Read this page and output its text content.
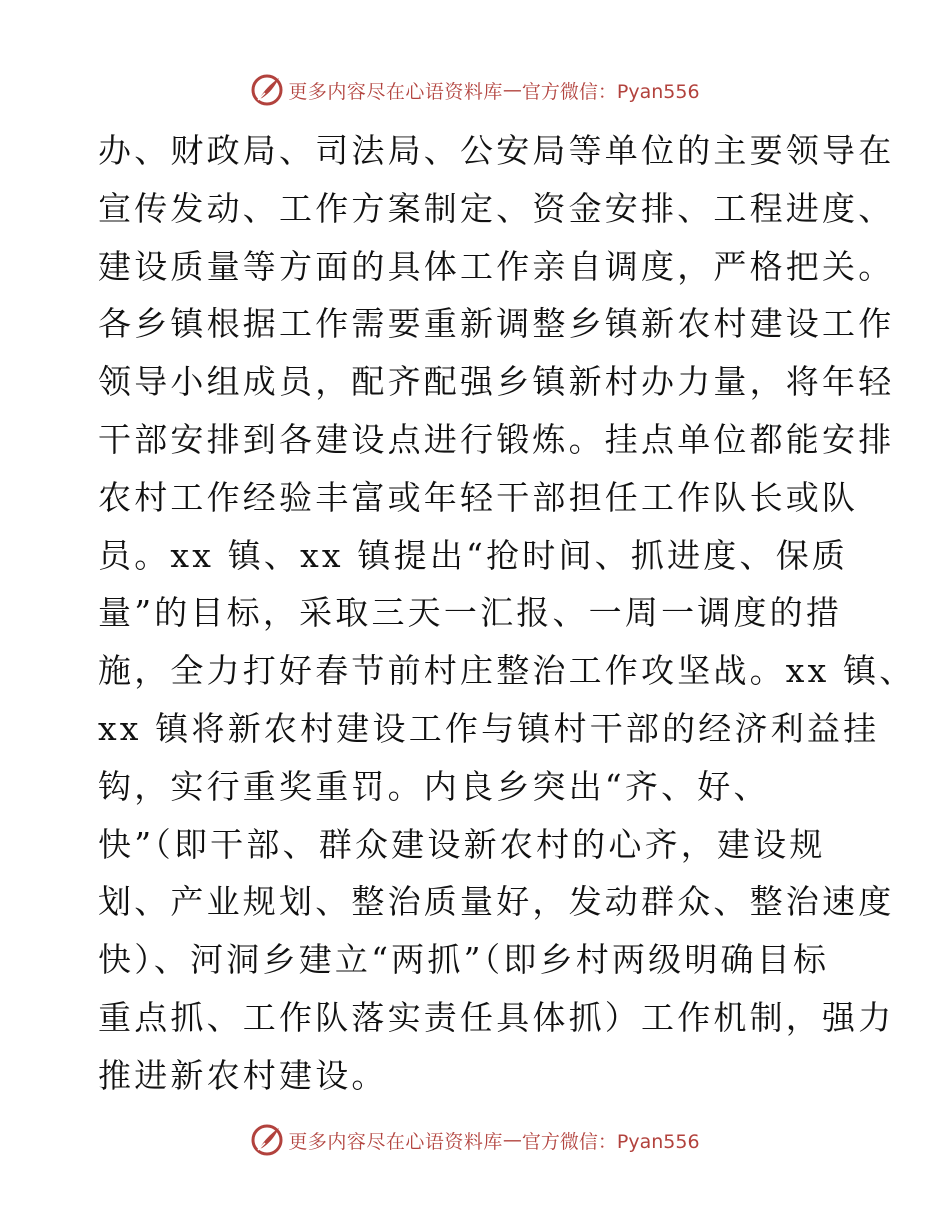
更多内容尽在心语资料库 — 官方微信：Pyan556
办、财政局、司法局、公安局等单位的主要领导在
宣传发动、工作方案制定、资金安排、工程进度、
建设质量等方面的具体工作亲自调度，严格把关。
各乡镇根据工作需要重新调整乡镇新农村建设工作
领导小组成员，配齐配强乡镇新村办力量，将年轻
干部安排到各建设点进行锻炼。挂点单位都能安排
农村工作经验丰富或年轻干部担任工作队长或队
员。xx 镇、xx 镇提出“抢时间、抓进度、保质
量”的目标，采取三天一汇报、一周一调度的措
施，全力打好春节前村庄整治工作攻坚战。xx 镇、
xx 镇将新农村建设工作与镇村干部的经济利益挂
钩，实行重奖重罚。内良乡突出“齐、好、
快”（即干部、群众建设新农村的心齐，建设规
划、产业规划、整治质量好，发动群众、整治速度
快）、河洞乡建立“两抓”（即乡村两级明确目标
重点抓、工作队落实责任具体抓）工作机制，强力
推进新农村建设。
更多内容尽在心语资料库 — 官方微信：Pyan556
